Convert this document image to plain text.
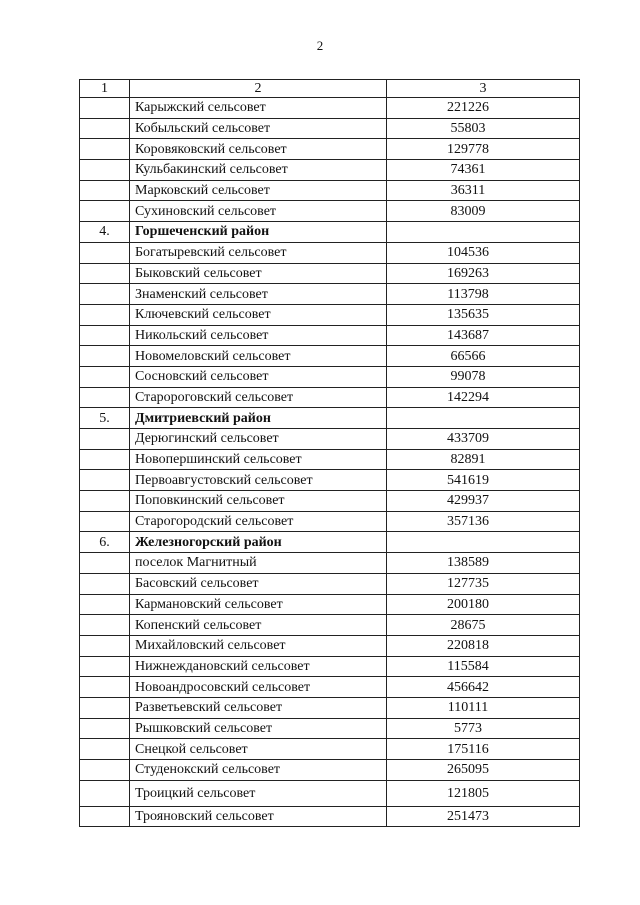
2
1	2	3
	Карыжский сельсовет	221226
	Кобыльский сельсовет	55803
	Коровяковский сельсовет	129778
	Кульбакинский сельсовет	74361
	Марковский сельсовет	36311
	Сухиновский сельсовет	83009
4.	Горшеченский район	
	Богатыревский сельсовет	104536
	Быковский сельсовет	169263
	Знаменский сельсовет	113798
	Ключевский сельсовет	135635
	Никольский сельсовет	143687
	Новомеловский сельсовет	66566
	Сосновский сельсовет	99078
	Старороговский сельсовет	142294
5.	Дмитриевский район	
	Дерюгинский сельсовет	433709
	Новопершинский сельсовет	82891
	Первоавгустовский сельсовет	541619
	Поповкинский сельсовет	429937
	Старогородский сельсовет	357136
6.	Железногорский район	
	поселок Магнитный	138589
	Басовский сельсовет	127735
	Кармановский сельсовет	200180
	Копенский сельсовет	28675
	Михайловский сельсовет	220818
	Нижнеждановский сельсовет	115584
	Новоандросовский сельсовет	456642
	Разветьевский сельсовет	110111
	Рышковский сельсовет	5773
	Снецкой сельсовет	175116
	Студенокский сельсовет	265095
	Троицкий сельсовет	121805
	Трояновский сельсовет	251473
